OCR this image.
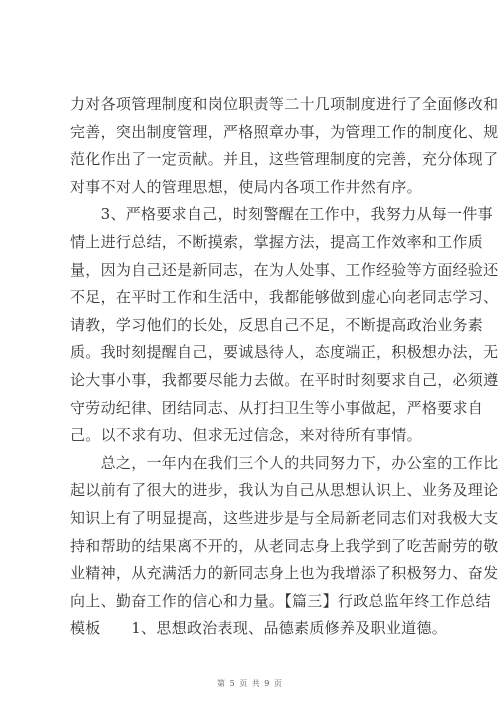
力对各项管理制度和岗位职责等二十几项制度进行了全面修改和
完善，突出制度管理，严格照章办事，为管理工作的制度化、规
范化作出了一定贡献。并且，这些管理制度的完善，充分体现了
对事不对人的管理思想，使局内各项工作井然有序。
　　3、严格要求自己，时刻警醒在工作中，我努力从每一件事
情上进行总结，不断摸索，掌握方法，提高工作效率和工作质
量，因为自己还是新同志，在为人处事、工作经验等方面经验还
不足，在平时工作和生活中，我都能够做到虚心向老同志学习、
请教，学习他们的长处，反思自己不足，不断提高政治业务素
质。我时刻提醒自己，要诚恳待人，态度端正，积极想办法，无
论大事小事，我都要尽能力去做。在平时时刻要求自己，必须遵
守劳动纪律、团结同志、从打扫卫生等小事做起，严格要求自
己。以不求有功、但求无过信念，来对待所有事情。
　　总之，一年内在我们三个人的共同努力下，办公室的工作比
起以前有了很大的进步，我认为自己从思想认识上、业务及理论
知识上有了明显提高，这些进步是与全局新老同志们对我极大支
持和帮助的结果离不开的，从老同志身上我学到了吃苦耐劳的敬
业精神，从充满活力的新同志身上也为我增添了积极努力、奋发
向上、勤奋工作的信心和力量。【篇三】行政总监年终工作总结
模板　　1、思想政治表现、品德素质修养及职业道德。
第 5 页 共 9 页
